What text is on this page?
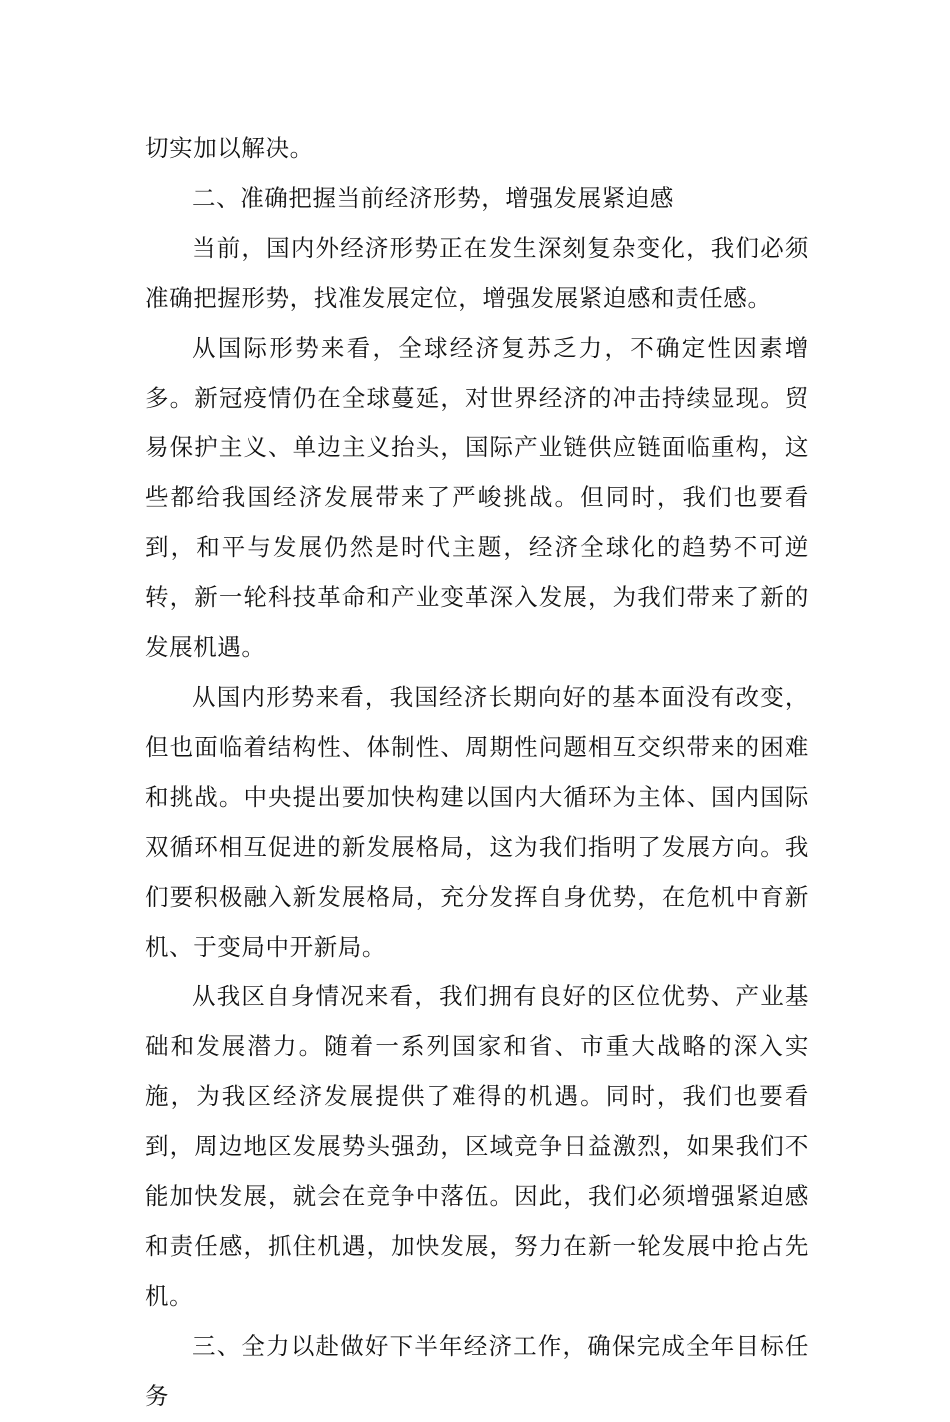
切实加以解决。

二、准确把握当前经济形势，增强发展紧迫感

当前，国内外经济形势正在发生深刻复杂变化，我们必须准确把握形势，找准发展定位，增强发展紧迫感和责任感。

从国际形势来看，全球经济复苏乏力，不确定性因素增多。新冠疫情仍在全球蔓延，对世界经济的冲击持续显现。贸易保护主义、单边主义抬头，国际产业链供应链面临重构，这些都给我国经济发展带来了严峻挑战。但同时，我们也要看到，和平与发展仍然是时代主题，经济全球化的趋势不可逆转，新一轮科技革命和产业变革深入发展，为我们带来了新的发展机遇。

从国内形势来看，我国经济长期向好的基本面没有改变，但也面临着结构性、体制性、周期性问题相互交织带来的困难和挑战。中央提出要加快构建以国内大循环为主体、国内国际双循环相互促进的新发展格局，这为我们指明了发展方向。我们要积极融入新发展格局，充分发挥自身优势，在危机中育新机、于变局中开新局。

从我区自身情况来看，我们拥有良好的区位优势、产业基础和发展潜力。随着一系列国家和省、市重大战略的深入实施，为我区经济发展提供了难得的机遇。同时，我们也要看到，周边地区发展势头强劲，区域竞争日益激烈，如果我们不能加快发展，就会在竞争中落伍。因此，我们必须增强紧迫感和责任感，抓住机遇，加快发展，努力在新一轮发展中抢占先机。

三、全力以赴做好下半年经济工作，确保完成全年目标任务
